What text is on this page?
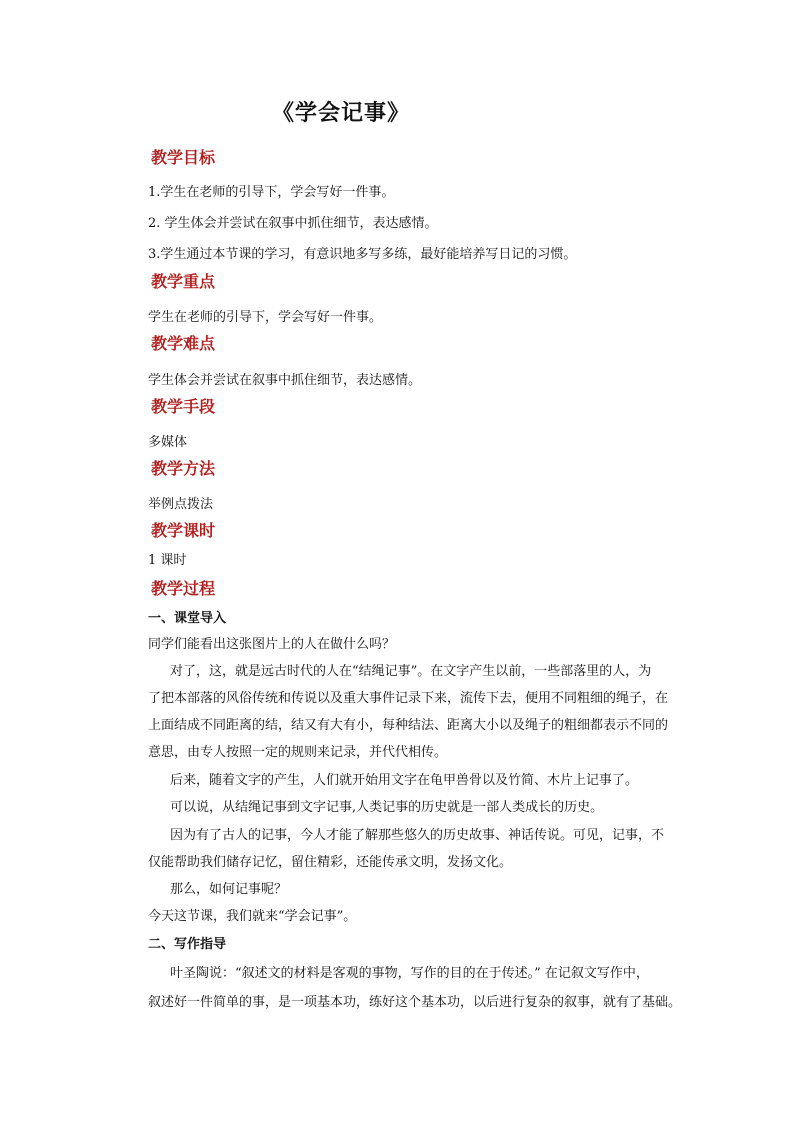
《学会记事》
教学目标
1.学生在老师的引导下，学会写好一件事。
2. 学生体会并尝试在叙事中抓住细节，表达感情。
3.学生通过本节课的学习，有意识地多写多练，最好能培养写日记的习惯。
教学重点
学生在老师的引导下，学会写好一件事。
教学难点
学生体会并尝试在叙事中抓住细节，表达感情。
教学手段
多媒体
教学方法
举例点拨法
教学课时
1 课时
教学过程
一、课堂导入
同学们能看出这张图片上的人在做什么吗？
对了，这，就是远古时代的人在“结绳记事”。在文字产生以前，一些部落里的人，为
了把本部落的风俗传统和传说以及重大事件记录下来，流传下去，便用不同粗细的绳子，在
上面结成不同距离的结，结又有大有小，每种结法、距离大小以及绳子的粗细都表示不同的
意思，由专人按照一定的规则来记录，并代代相传。
后来，随着文字的产生，人们就开始用文字在龟甲兽骨以及竹简、木片上记事了。
可以说，从结绳记事到文字记事,人类记事的历史就是一部人类成长的历史。
因为有了古人的记事，今人才能了解那些悠久的历史故事、神话传说。可见，记事，不
仅能帮助我们储存记忆，留住精彩，还能传承文明，发扬文化。
那么，如何记事呢？
今天这节课，我们就来“学会记事”。
二、写作指导
叶圣陶说：“叙述文的材料是客观的事物，写作的目的在于传述。” 在记叙文写作中，
叙述好一件简单的事，是一项基本功，练好这个基本功，以后进行复杂的叙事，就有了基础。
